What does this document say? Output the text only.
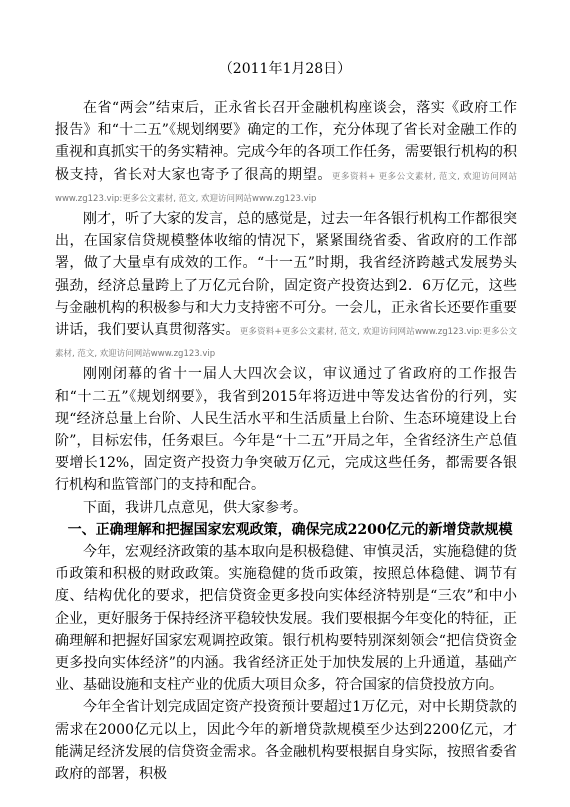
（2011年1月28日）

在省“两会”结束后，正永省长召开金融机构座谈会，落实《政府工作报告》和“十二五”《规划纲要》确定的工作，充分体现了省长对金融工作的重视和真抓实干的务实精神。完成今年的各项工作任务，需要银行机构的积极支持，省长对大家也寄予了很高的期望。更多资料+ 更多公文素材, 范文, 欢迎访问网站www.zg123.vip:更多公文素材, 范文, 欢迎访问网站www.zg123.vip

刚才，听了大家的发言，总的感觉是，过去一年各银行机构工作都很突出，在国家信贷规模整体收缩的情况下，紧紧围绕省委、省政府的工作部署，做了大量卓有成效的工作。“十一五”时期，我省经济跨越式发展势头强劲，经济总量跨上了万亿元台阶，固定资产投资达到2．6万亿元，这些与金融机构的积极参与和大力支持密不可分。一会儿，正永省长还要作重要讲话，我们要认真贯彻落实。更多资料+更多公文素材, 范文, 欢迎访问网站www.zg123.vip:更多公文素材, 范文, 欢迎访问网站www.zg123.vip

刚刚闭幕的省十一届人大四次会议，审议通过了省政府的工作报告和“十二五”《规划纲要》，我省到2015年将迈进中等发达省份的行列，实现“经济总量上台阶、人民生活水平和生活质量上台阶、生态环境建设上台阶”，目标宏伟，任务艰巨。今年是“十二五”开局之年，全省经济生产总值要增长12%，固定资产投资力争突破万亿元，完成这些任务，都需要各银行机构和监管部门的支持和配合。

下面，我讲几点意见，供大家参考。

一、正确理解和把握国家宏观政策，确保完成2200亿元的新增贷款规模

今年，宏观经济政策的基本取向是积极稳健、审慎灵活，实施稳健的货币政策和积极的财政政策。实施稳健的货币政策，按照总体稳健、调节有度、结构优化的要求，把信贷资金更多投向实体经济特别是“三农”和中小企业，更好服务于保持经济平稳较快发展。我们要根据今年变化的特征，正确理解和把握好国家宏观调控政策。银行机构要特别深刻领会“把信贷资金更多投向实体经济”的内涵。我省经济正处于加快发展的上升通道，基础产业、基础设施和支柱产业的优质大项目众多，符合国家的信贷投放方向。

今年全省计划完成固定资产投资预计要超过1万亿元，对中长期贷款的需求在2000亿元以上，因此今年的新增贷款规模至少达到2200亿元，才能满足经济发展的信贷资金需求。各金融机构要根据自身实际，按照省委省政府的部署，积极
